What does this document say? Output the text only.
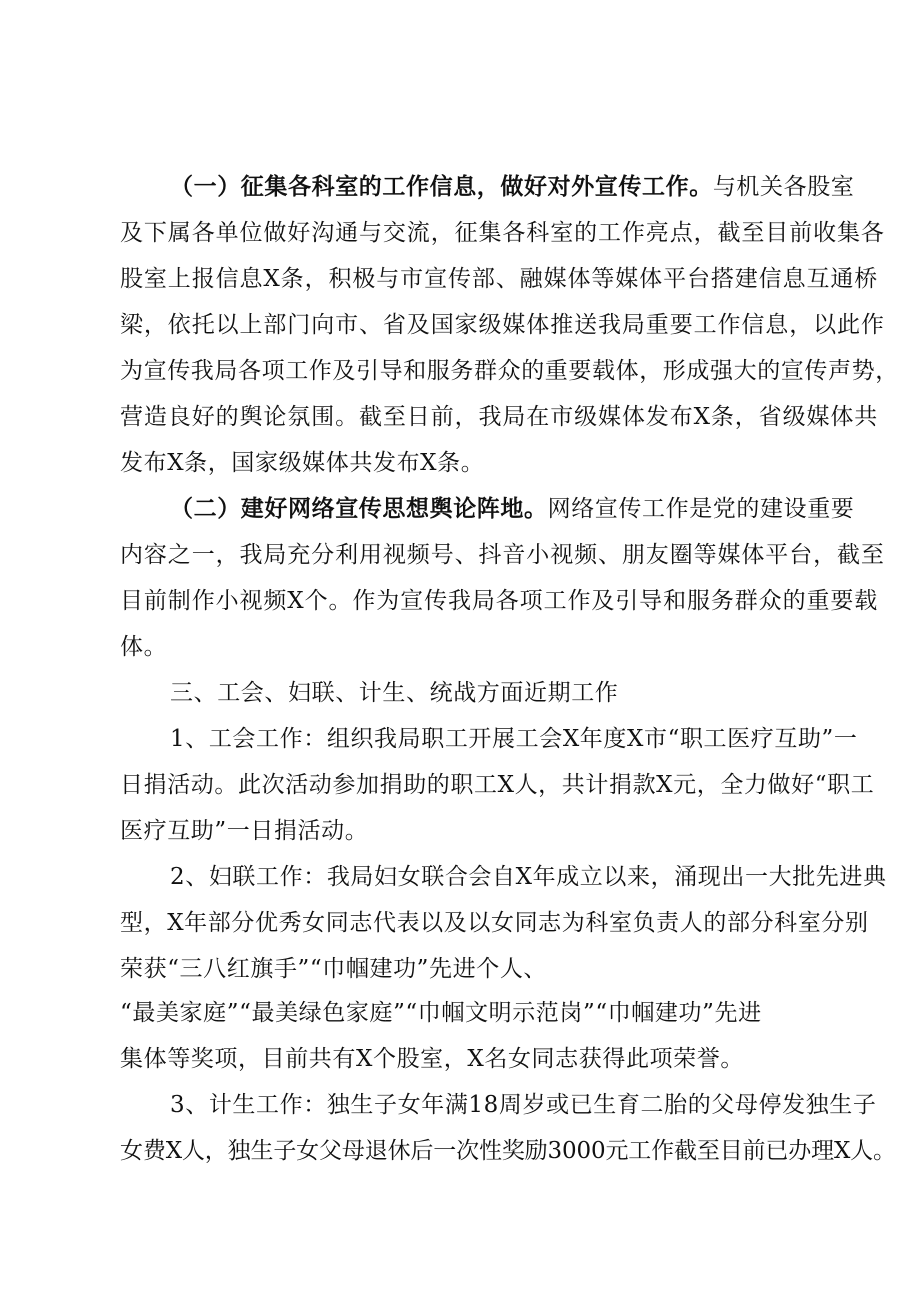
（一）征集各科室的工作信息，做好对外宣传工作。与机关各股室
及下属各单位做好沟通与交流，征集各科室的工作亮点，截至目前收集各
股室上报信息X条，积极与市宣传部、融媒体等媒体平台搭建信息互通桥
梁，依托以上部门向市、省及国家级媒体推送我局重要工作信息，以此作
为宣传我局各项工作及引导和服务群众的重要载体，形成强大的宣传声势，
营造良好的舆论氛围。截至日前，我局在市级媒体发布X条，省级媒体共
发布X条，国家级媒体共发布X条。
（二）建好网络宣传思想舆论阵地。网络宣传工作是党的建设重要
内容之一，我局充分利用视频号、抖音小视频、朋友圈等媒体平台，截至
目前制作小视频X个。作为宣传我局各项工作及引导和服务群众的重要载
体。
三、工会、妇联、计生、统战方面近期工作
1、工会工作：组织我局职工开展工会X年度X市“职工医疗互助”一
日捐活动。此次活动参加捐助的职工X人，共计捐款X元，全力做好“职工
医疗互助”一日捐活动。
2、妇联工作：我局妇女联合会自X年成立以来，涌现出一大批先进典
型，X年部分优秀女同志代表以及以女同志为科室负责人的部分科室分别
荣获“三八红旗手”“巾帼建功”先进个人、
“最美家庭”“最美绿色家庭”“巾帼文明示范岗”“巾帼建功”先进
集体等奖项，目前共有X个股室，X名女同志获得此项荣誉。
3、计生工作：独生子女年满18周岁或已生育二胎的父母停发独生子
女费X人，独生子女父母退休后一次性奖励3000元工作截至目前已办理X人。
